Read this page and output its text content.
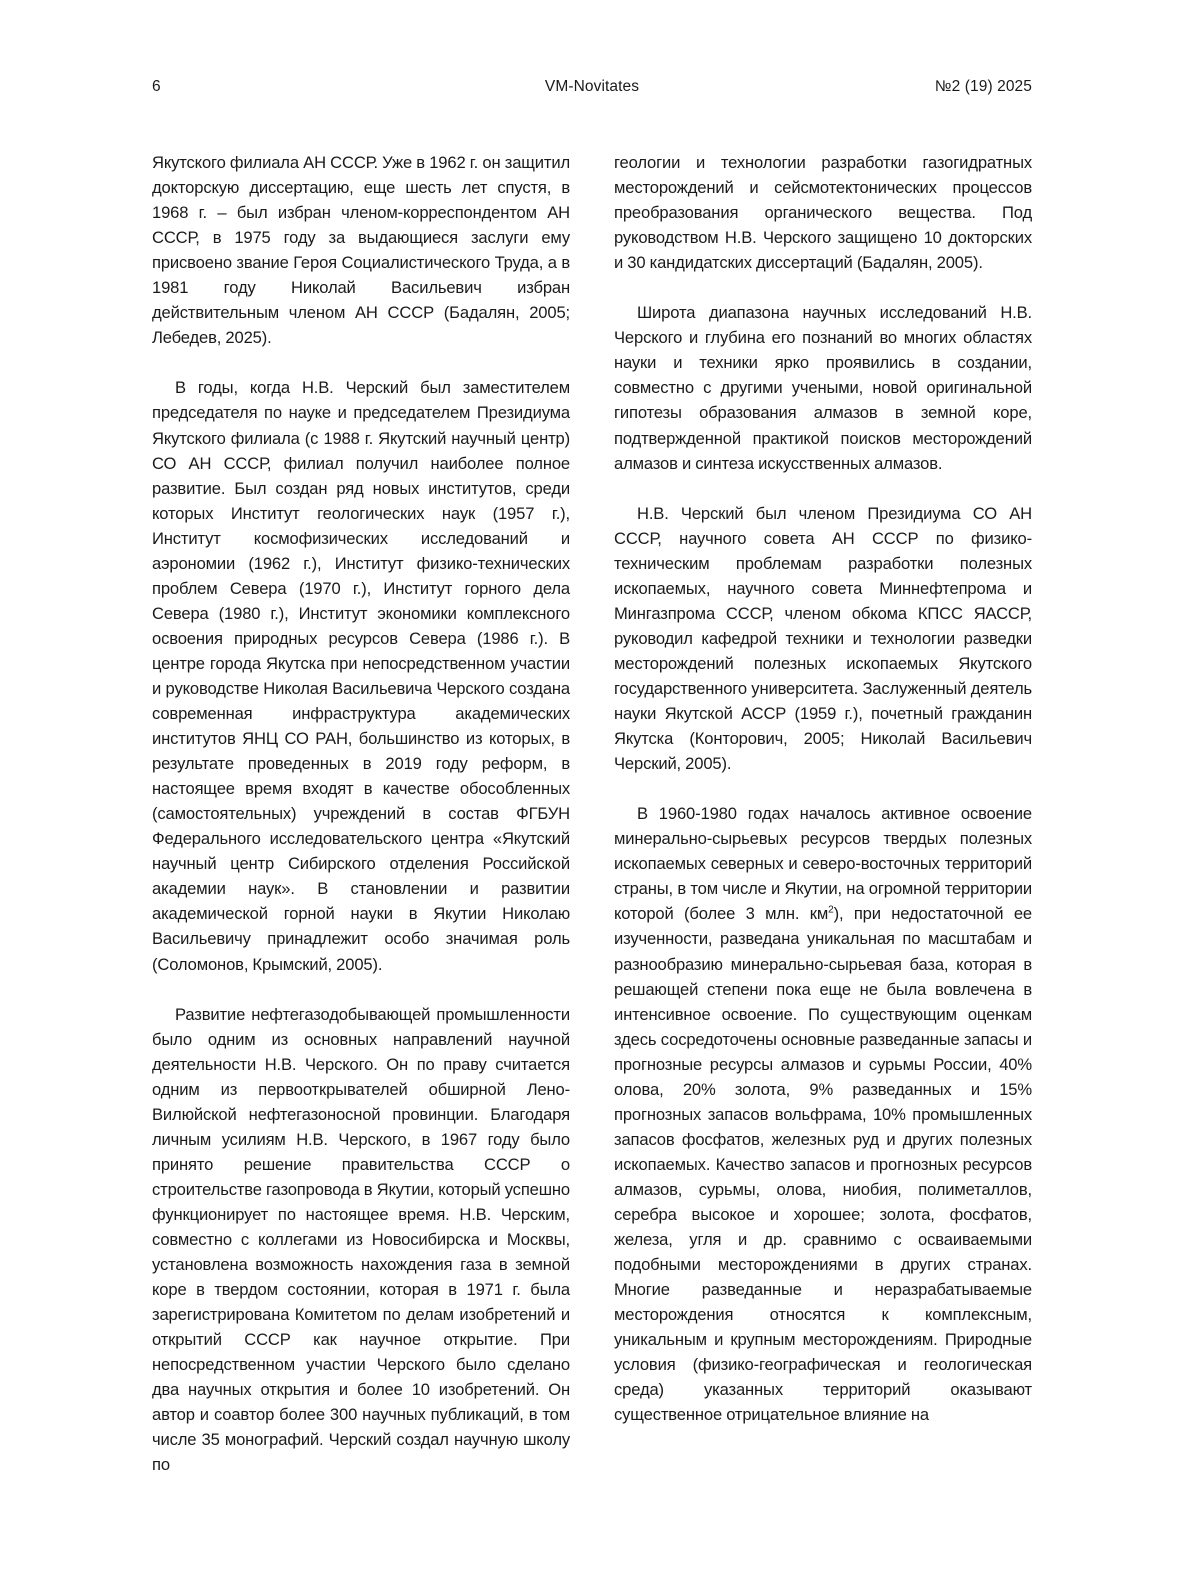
6	VM-Novitates	№2 (19) 2025

Якутского филиала АН СССР. Уже в 1962 г. он защитил докторскую диссертацию, еще шесть лет спустя, в 1968 г. – был избран членом-корреспондентом АН СССР, в 1975 году за выдающиеся заслуги ему присвоено звание Героя Социалистического Труда, а в 1981 году Николай Васильевич избран действительным членом АН СССР (Бадалян, 2005; Лебедев, 2025).

В годы, когда Н.В. Черский был заместителем председателя по науке и председателем Президиума Якутского филиала (с 1988 г. Якутский научный центр) СО АН СССР, филиал получил наиболее полное развитие. Был создан ряд новых институтов, среди которых Институт геологических наук (1957 г.), Институт космофизических исследований и аэрономии (1962 г.), Институт физико-технических проблем Севера (1970 г.), Институт горного дела Севера (1980 г.), Институт экономики комплексного освоения природных ресурсов Севера (1986 г.). В центре города Якутска при непосредственном участии и руководстве Николая Васильевича Черского создана современная инфраструктура академических институтов ЯНЦ СО РАН, большинство из которых, в результате проведенных в 2019 году реформ, в настоящее время входят в качестве обособленных (самостоятельных) учреждений в состав ФГБУН Федерального исследовательского центра «Якутский научный центр Сибирского отделения Российской академии наук». В становлении и развитии академической горной науки в Якутии Николаю Васильевичу принадлежит особо значимая роль (Соломонов, Крымский, 2005).

Развитие нефтегазодобывающей промышленности было одним из основных направлений научной деятельности Н.В. Черского. Он по праву считается одним из первооткрывателей обширной Лено-Вилюйской нефтегазоносной провинции. Благодаря личным усилиям Н.В. Черского, в 1967 году было принято решение правительства СССР о строительстве газопровода в Якутии, который успешно функционирует по настоящее время. Н.В. Черским, совместно с коллегами из Новосибирска и Москвы, установлена возможность нахождения газа в земной коре в твердом состоянии, которая в 1971 г. была зарегистрирована Комитетом по делам изобретений и открытий СССР как научное открытие. При непосредственном участии Черского было сделано два научных открытия и более 10 изобретений. Он автор и соавтор более 300 научных публикаций, в том числе 35 монографий. Черский создал научную школу по

геологии и технологии разработки газогидратных месторождений и сейсмотектонических процессов преобразования органического вещества. Под руководством Н.В. Черского защищено 10 докторских и 30 кандидатских диссертаций (Бадалян, 2005).

Широта диапазона научных исследований Н.В. Черского и глубина его познаний во многих областях науки и техники ярко проявились в создании, совместно с другими учеными, новой оригинальной гипотезы образования алмазов в земной коре, подтвержденной практикой поисков месторождений алмазов и синтеза искусственных алмазов.

Н.В. Черский был членом Президиума СО АН СССР, научного совета АН СССР по физико-техническим проблемам разработки полезных ископаемых, научного совета Миннефтепрома и Мингазпрома СССР, членом обкома КПСС ЯАССР, руководил кафедрой техники и технологии разведки месторождений полезных ископаемых Якутского государственного университета. Заслуженный деятель науки Якутской АССР (1959 г.), почетный гражданин Якутска (Конторович, 2005; Николай Васильевич Черский, 2005).

В 1960-1980 годах началось активное освоение минерально-сырьевых ресурсов твердых полезных ископаемых северных и северо-восточных территорий страны, в том числе и Якутии, на огромной территории которой (более 3 млн. $км^2$), при недостаточной ее изученности, разведана уникальная по масштабам и разнообразию минерально-сырьевая база, которая в решающей степени пока еще не была вовлечена в интенсивное освоение. По существующим оценкам здесь сосредоточены основные разведанные запасы и прогнозные ресурсы алмазов и сурьмы России, 40% олова, 20% золота, 9% разведанных и 15% прогнозных запасов вольфрама, 10% промышленных запасов фосфатов, железных руд и других полезных ископаемых. Качество запасов и прогнозных ресурсов алмазов, сурьмы, олова, ниобия, полиметаллов, серебра высокое и хорошее; золота, фосфатов, железа, угля и др. сравнимо с осваиваемыми подобными месторождениями в других странах. Многие разведанные и неразрабатываемые месторождения относятся к комплексным, уникальным и крупным месторождениям. Природные условия (физико-географическая и геологическая среда) указанных территорий оказывают существенное отрицательное влияние на
